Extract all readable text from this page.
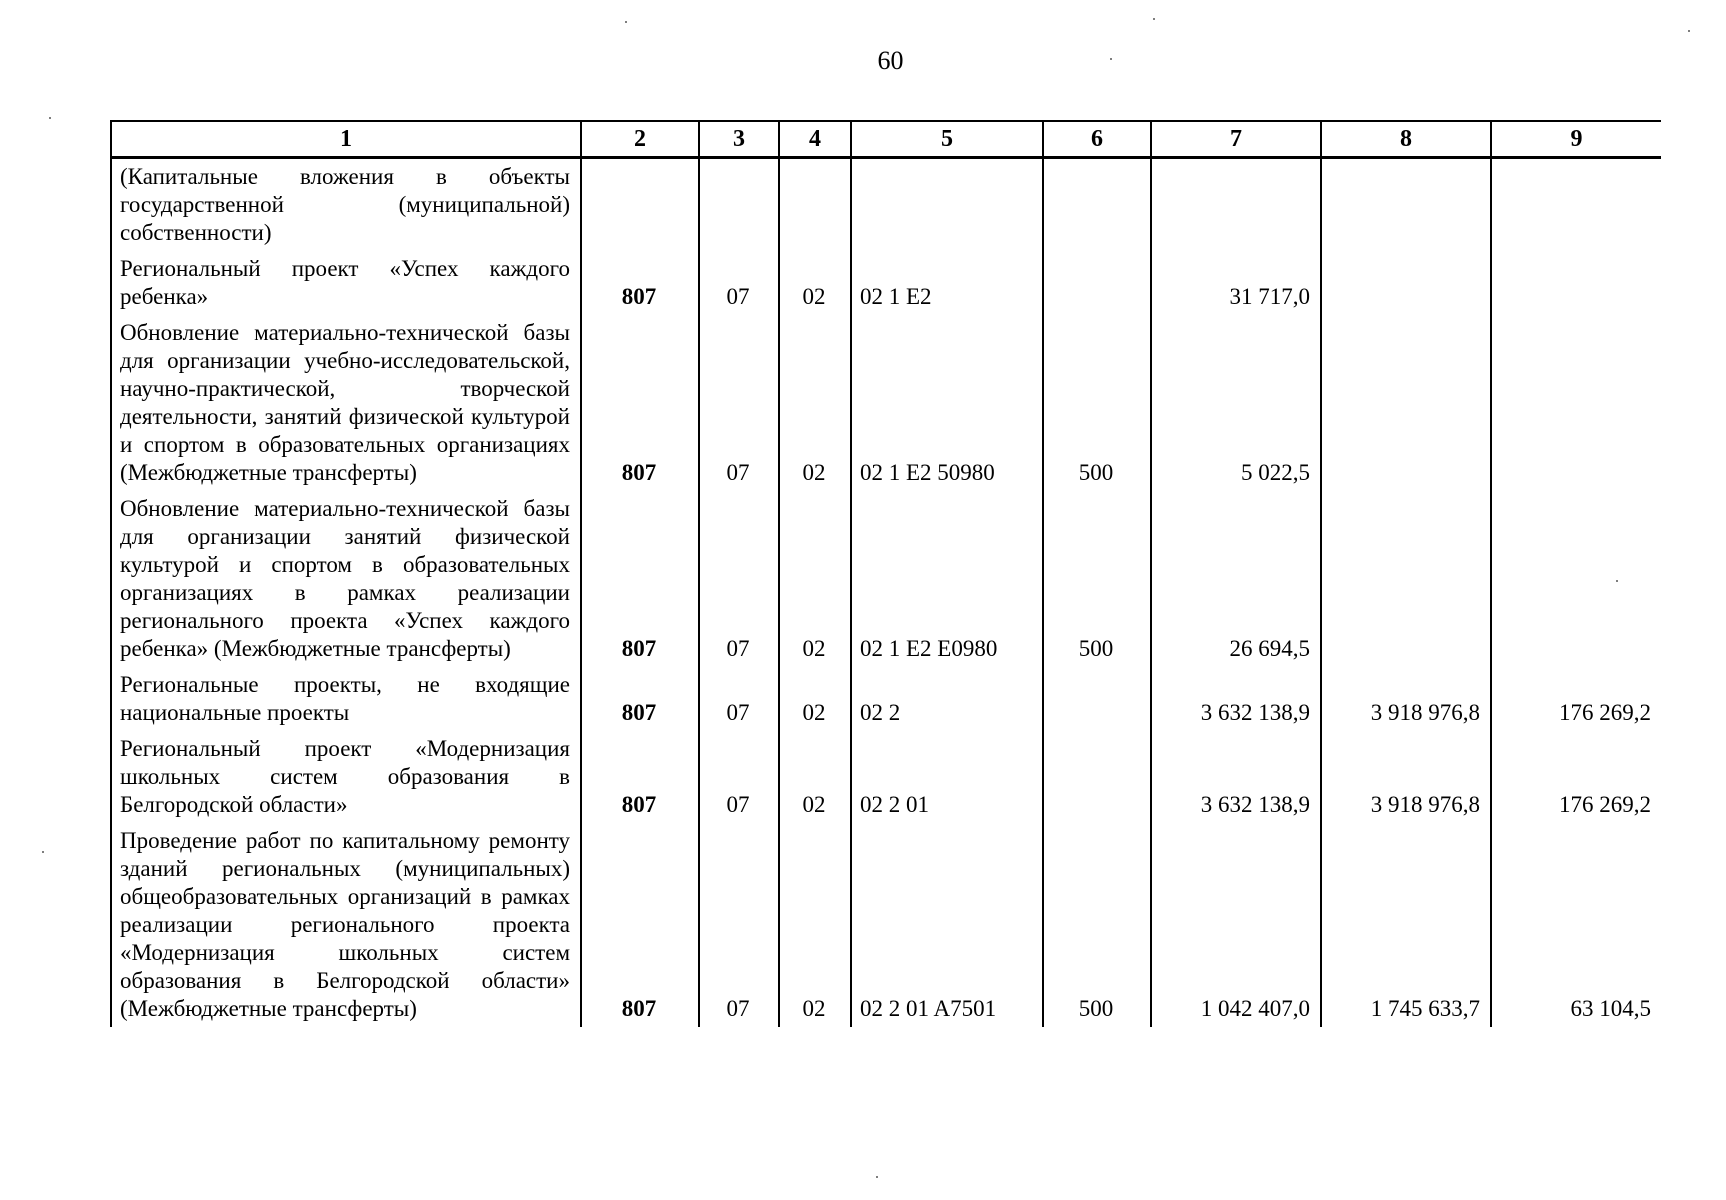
60
1	2	3	4	5	6	7	8	9
(Капитальные вложения в объекты государственной (муниципальной) собственности)								
Региональный проект «Успех каждого ребенка»	807	07	02	02 1 E2		31 717,0		
Обновление материально-технической базы для организации учебно-исследовательской, научно-практической, творческой деятельности, занятий физической культурой и спортом в образовательных организациях (Межбюджетные трансферты)	807	07	02	02 1 E2 50980	500	5 022,5		
Обновление материально-технической базы для организации занятий физической культурой и спортом в образовательных организациях в рамках реализации регионального проекта «Успех каждого ребенка» (Межбюджетные трансферты)	807	07	02	02 1 E2 E0980	500	26 694,5		
Региональные проекты, не входящие национальные проекты	807	07	02	02 2		3 632 138,9	3 918 976,8	176 269,2
Региональный проект «Модернизация школьных систем образования в Белгородской области»	807	07	02	02 2 01		3 632 138,9	3 918 976,8	176 269,2
Проведение работ по капитальному ремонту зданий региональных (муниципальных) общеобразовательных организаций в рамках реализации регионального проекта «Модернизация школьных систем образования в Белгородской области» (Межбюджетные трансферты)	807	07	02	02 2 01 A7501	500	1 042 407,0	1 745 633,7	63 104,5
